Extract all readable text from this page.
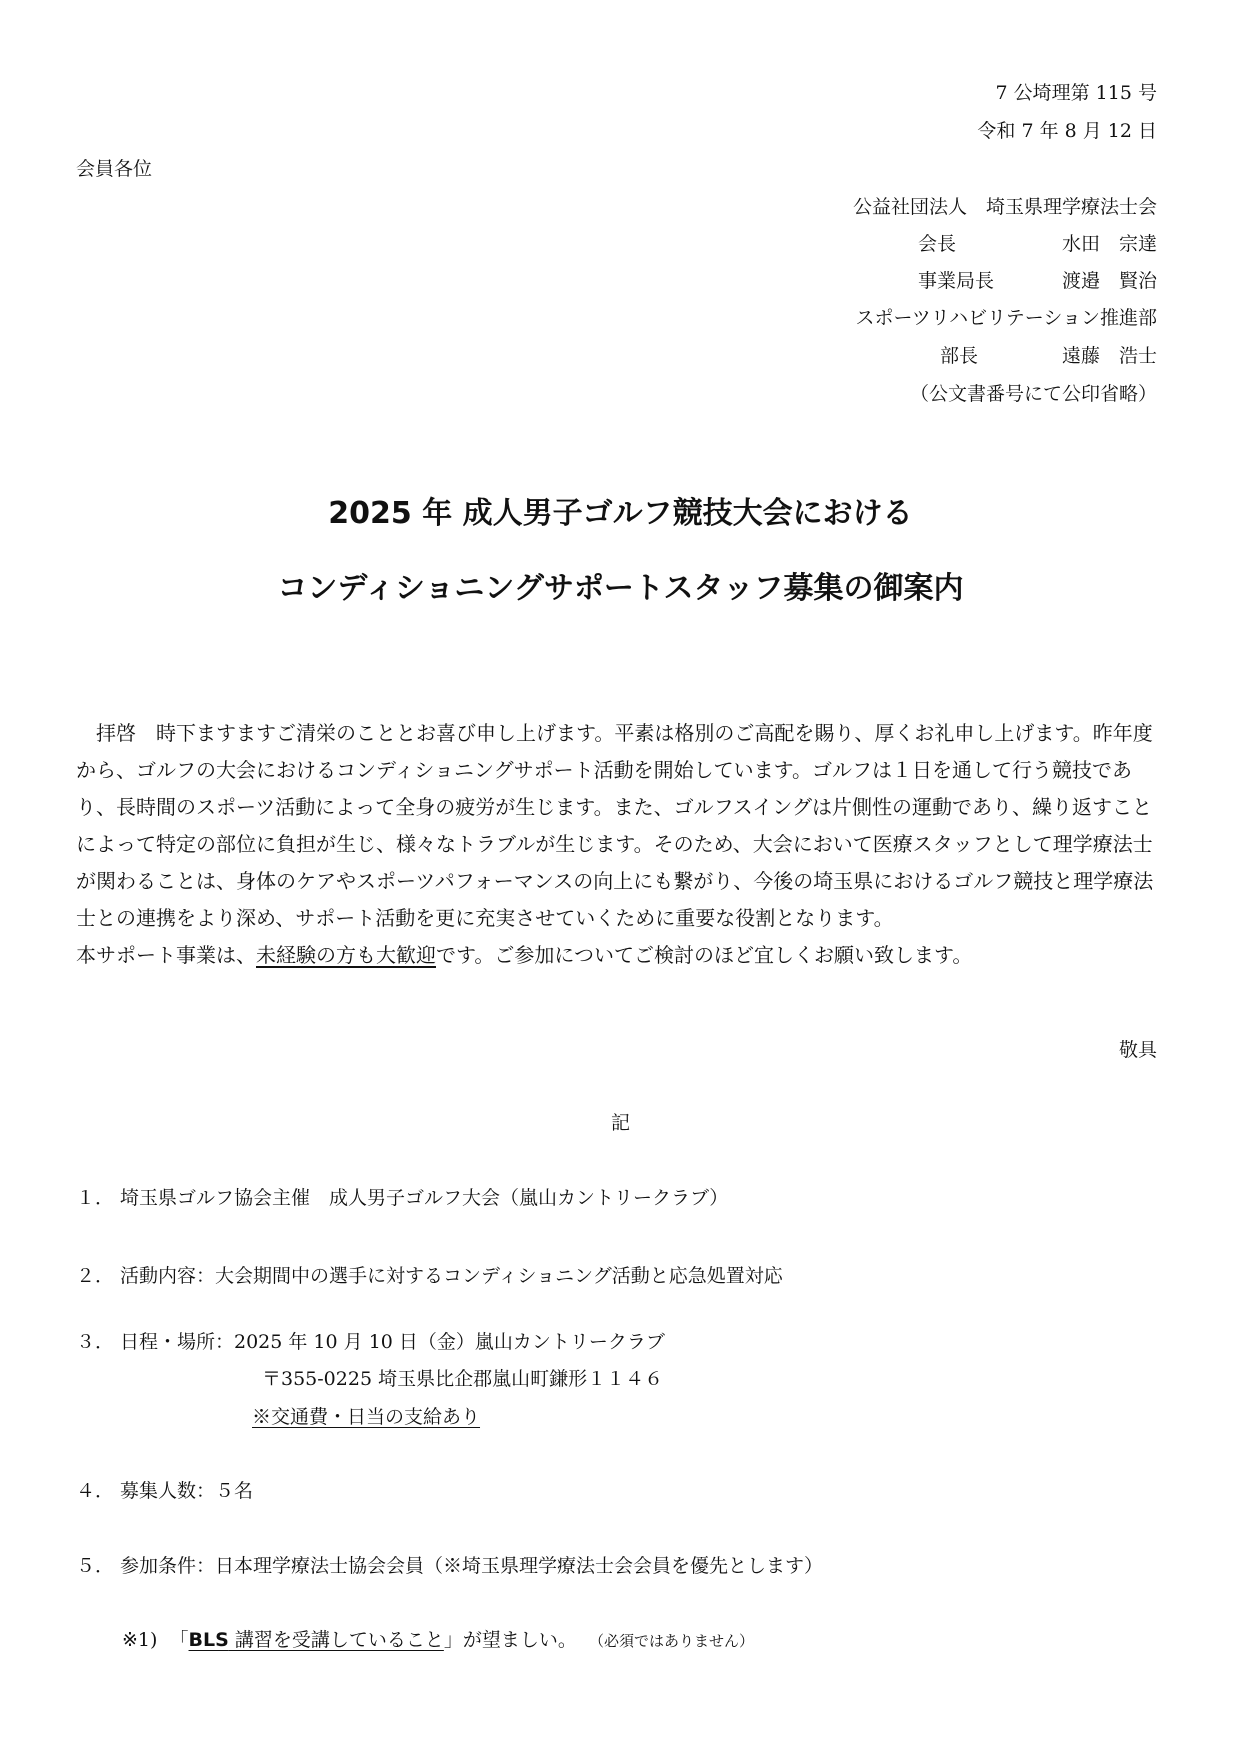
7 公埼理第 115 号
令和 7 年 8 月 12 日
会員各位
公益社団法人　埼玉県理学療法士会
会長	水田　宗達
事業局長	渡邉　賢治
スポーツリハビリテーション推進部
部長	遠藤　浩士
（公文書番号にて公印省略）
2025 年 成人男子ゴルフ競技大会における
コンディショニングサポートスタッフ募集の御案内

　拝啓　時下ますますご清栄のこととお喜び申し上げます。平素は格別のご高配を賜り、厚くお礼申し上げます。昨年度から、ゴルフの大会におけるコンディショニングサポート活動を開始しています。ゴルフは１日を通して行う競技であり、長時間のスポーツ活動によって全身の疲労が生じます。また、ゴルフスイングは片側性の運動であり、繰り返すことによって特定の部位に負担が生じ、様々なトラブルが生じます。そのため、大会において医療スタッフとして理学療法士が関わることは、身体のケアやスポーツパフォーマンスの向上にも繋がり、今後の埼玉県におけるゴルフ競技と理学療法士との連携をより深め、サポート活動を更に充実させていくために重要な役割となります。

本サポート事業は、未経験の方も大歓迎です。ご参加についてご検討のほど宜しくお願い致します。

敬具
記
１． 埼玉県ゴルフ協会主催　成人男子ゴルフ大会（嵐山カントリークラブ）
２． 活動内容：大会期間中の選手に対するコンディショニング活動と応急処置対応
３． 日程・場所：2025 年 10 月 10 日（金）嵐山カントリークラブ
〒355-0225 埼玉県比企郡嵐山町鎌形１１４６
※交通費・日当の支給あり
４． 募集人数：５名
５． 参加条件：日本理学療法士協会会員（※埼玉県理学療法士会会員を優先とします）
※1) 「BLS 講習を受講していること」が望ましい。 （必須ではありません）
